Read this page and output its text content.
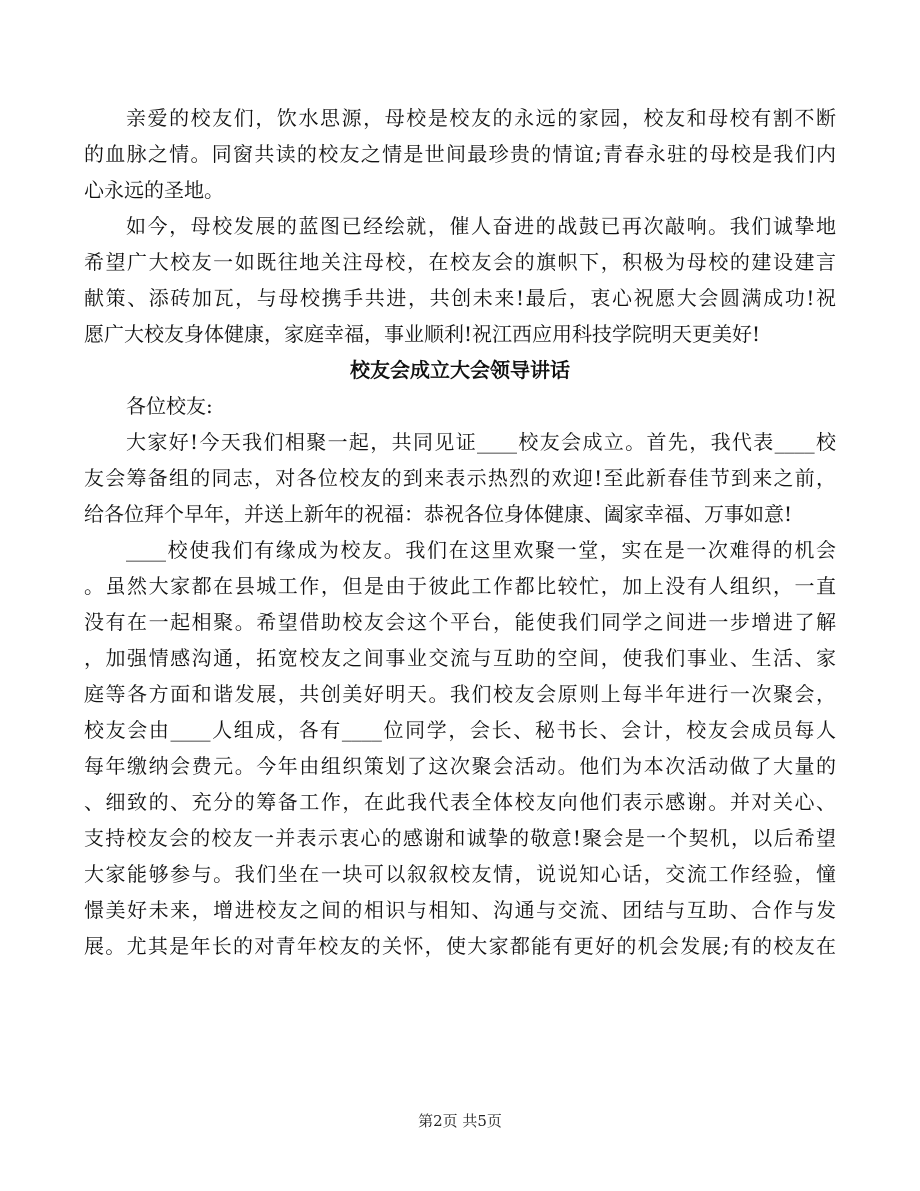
亲爱的校友们，饮水思源，母校是校友的永远的家园，校友和母校有割不断
的血脉之情。同窗共读的校友之情是世间最珍贵的情谊;青春永驻的母校是我们内
心永远的圣地。
如今，母校发展的蓝图已经绘就，催人奋进的战鼓已再次敲响。我们诚挚地
希望广大校友一如既往地关注母校，在校友会的旗帜下，积极为母校的建设建言
献策、添砖加瓦，与母校携手共进，共创未来!最后，衷心祝愿大会圆满成功!祝
愿广大校友身体健康，家庭幸福，事业顺利!祝江西应用科技学院明天更美好!
校友会成立大会领导讲话
各位校友:
大家好!今天我们相聚一起，共同见证____校友会成立。首先，我代表____校
友会筹备组的同志，对各位校友的到来表示热烈的欢迎!至此新春佳节到来之前，
给各位拜个早年，并送上新年的祝福：恭祝各位身体健康、阖家幸福、万事如意!
____校使我们有缘成为校友。我们在这里欢聚一堂，实在是一次难得的机会
。虽然大家都在县城工作，但是由于彼此工作都比较忙，加上没有人组织，一直
没有在一起相聚。希望借助校友会这个平台，能使我们同学之间进一步增进了解
，加强情感沟通，拓宽校友之间事业交流与互助的空间，使我们事业、生活、家
庭等各方面和谐发展，共创美好明天。我们校友会原则上每半年进行一次聚会，
校友会由____人组成，各有____位同学，会长、秘书长、会计，校友会成员每人
每年缴纳会费元。今年由组织策划了这次聚会活动。他们为本次活动做了大量的
、细致的、充分的筹备工作，在此我代表全体校友向他们表示感谢。并对关心、
支持校友会的校友一并表示衷心的感谢和诚挚的敬意!聚会是一个契机，以后希望
大家能够参与。我们坐在一块可以叙叙校友情，说说知心话，交流工作经验，憧
憬美好未来，增进校友之间的相识与相知、沟通与交流、团结与互助、合作与发
展。尤其是年长的对青年校友的关怀，使大家都能有更好的机会发展;有的校友在
第2页 共5页
